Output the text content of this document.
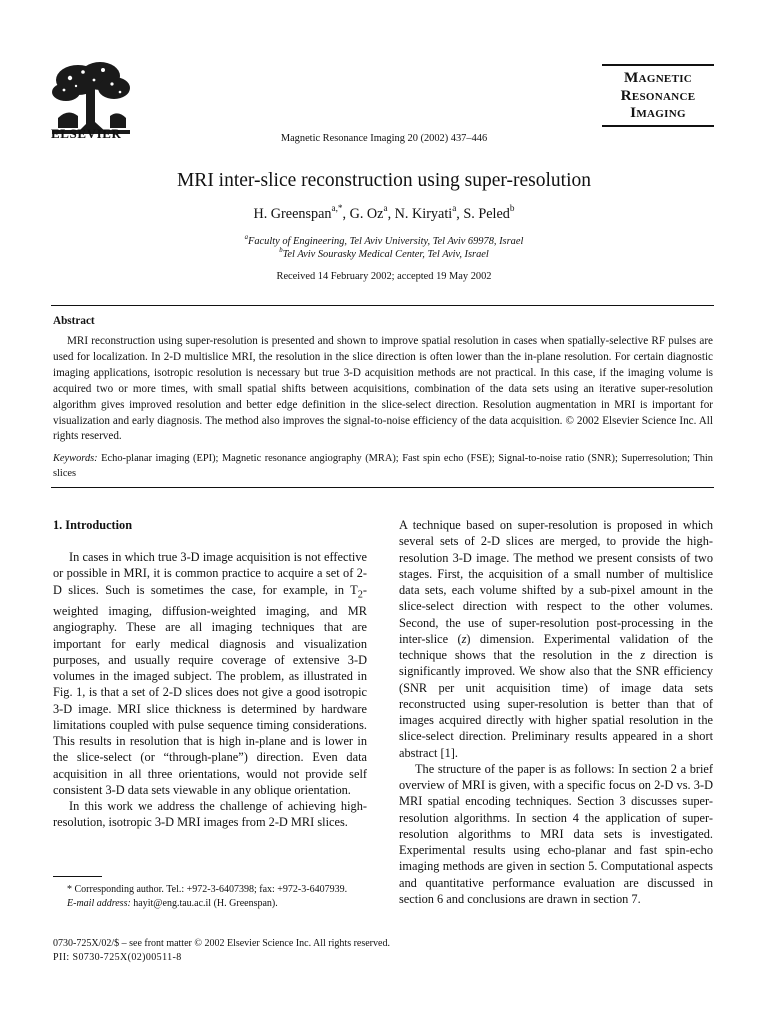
ELSEVIER	Magnetic Resonance Imaging 20 (2002) 437–446
Magnetic
Resonance
Imaging
MRI inter-slice reconstruction using super-resolution
H. Greenspan$^{a,*}$, G. Oz$^a$, N. Kiryati$^a$, S. Peled$^b$
$^a$Faculty of Engineering, Tel Aviv University, Tel Aviv 69978, Israel
$^b$Tel Aviv Sourasky Medical Center, Tel Aviv, Israel
Received 14 February 2002; accepted 19 May 2002
Abstract

MRI reconstruction using super-resolution is presented and shown to improve spatial resolution in cases when spatially-selective RF pulses are used for localization. In 2-D multislice MRI, the resolution in the slice direction is often lower than the in-plane resolution. For certain diagnostic imaging applications, isotropic resolution is necessary but true 3-D acquisition methods are not practical. In this case, if the imaging volume is acquired two or more times, with small spatial shifts between acquisitions, combination of the data sets using an iterative super-resolution algorithm gives improved resolution and better edge definition in the slice-select direction. Resolution augmentation in MRI is important for visualization and early diagnosis. The method also improves the signal-to-noise efficiency of the data acquisition. © 2002 Elsevier Science Inc. All rights reserved.

Keywords: Echo-planar imaging (EPI); Magnetic resonance angiography (MRA); Fast spin echo (FSE); Signal-to-noise ratio (SNR); Superresolution; Thin slices

1. Introduction

In cases in which true 3-D image acquisition is not effective or possible in MRI, it is common practice to acquire a set of 2-D slices. Such is sometimes the case, for example, in $T_2$-weighted imaging, diffusion-weighted imaging, and MR angiography. These are all imaging techniques that are important for early medical diagnosis and visualization purposes, and usually require coverage of extensive 3-D volumes in the imaged subject. The problem, as illustrated in Fig. 1, is that a set of 2-D slices does not give a good isotropic 3-D image. MRI slice thickness is determined by hardware limitations coupled with pulse sequence timing considerations. This results in resolution that is high in-plane and is lower in the slice-select (or “through-plane”) direction. Even data acquisition in all three orientations, would not provide self consistent 3-D data sets viewable in any oblique orientation.

In this work we address the challenge of achieving high-resolution, isotropic 3-D MRI images from 2-D MRI slices.

A technique based on super-resolution is proposed in which several sets of 2-D slices are merged, to provide the high-resolution 3-D image. The method we present consists of two stages. First, the acquisition of a small number of multislice data sets, each volume shifted by a sub-pixel amount in the slice-select direction with respect to the other volumes. Second, the use of super-resolution post-processing in the inter-slice (z) dimension. Experimental validation of the technique shows that the resolution in the z direction is significantly improved. We show also that the SNR efficiency (SNR per unit acquisition time) of image data sets reconstructed using super-resolution is better than that of images acquired directly with higher spatial resolution in the slice-select direction. Preliminary results appeared in a short abstract [1].

The structure of the paper is as follows: In section 2 a brief overview of MRI is given, with a specific focus on 2-D vs. 3-D MRI spatial encoding techniques. Section 3 discusses super-resolution algorithms. In section 4 the application of super-resolution algorithms to MRI data sets is investigated. Experimental results using echo-planar and fast spin-echo imaging methods are given in section 5. Computational aspects and quantitative performance evaluation are discussed in section 6 and conclusions are drawn in section 7.

* Corresponding author. Tel.: +972-3-6407398; fax: +972-3-6407939.

E-mail address: hayit@eng.tau.ac.il (H. Greenspan).

0730-725X/02/$ – see front matter © 2002 Elsevier Science Inc. All rights reserved.
PII: S0730-725X(02)00511-8
